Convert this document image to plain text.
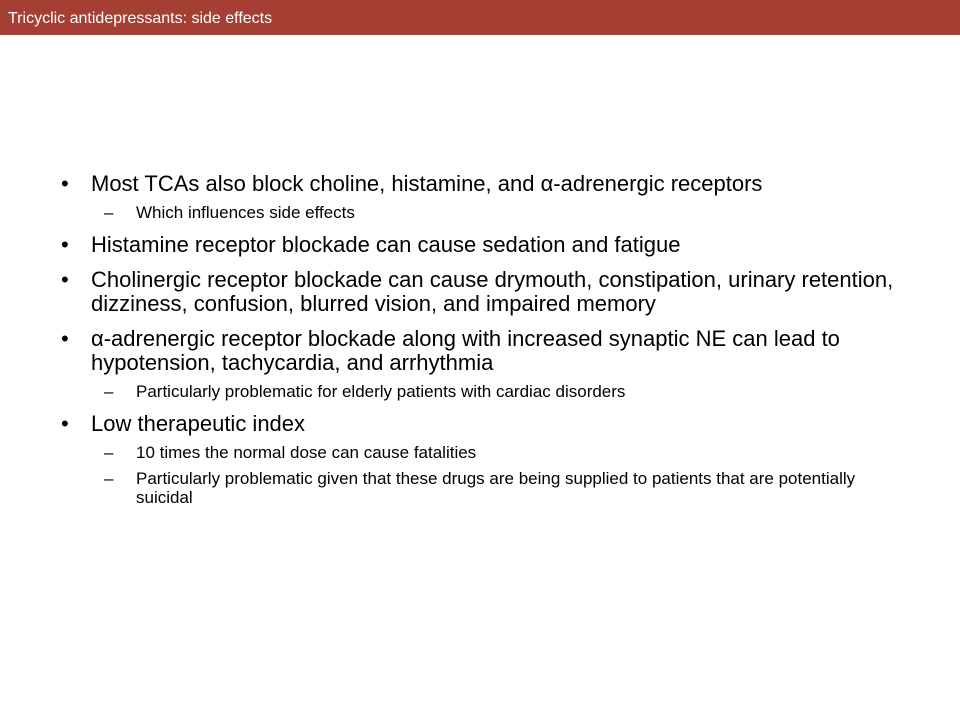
Tricyclic antidepressants: side effects
• Most TCAs also block choline, histamine, and α-adrenergic receptors
– Which influences side effects
• Histamine receptor blockade can cause sedation and fatigue
• Cholinergic receptor blockade can cause drymouth, constipation, urinary retention, dizziness, confusion, blurred vision, and impaired memory
• α-adrenergic receptor blockade along with increased synaptic NE can lead to hypotension, tachycardia, and arrhythmia
– Particularly problematic for elderly patients with cardiac disorders
• Low therapeutic index
– 10 times the normal dose can cause fatalities
– Particularly problematic given that these drugs are being supplied to patients that are potentially suicidal
